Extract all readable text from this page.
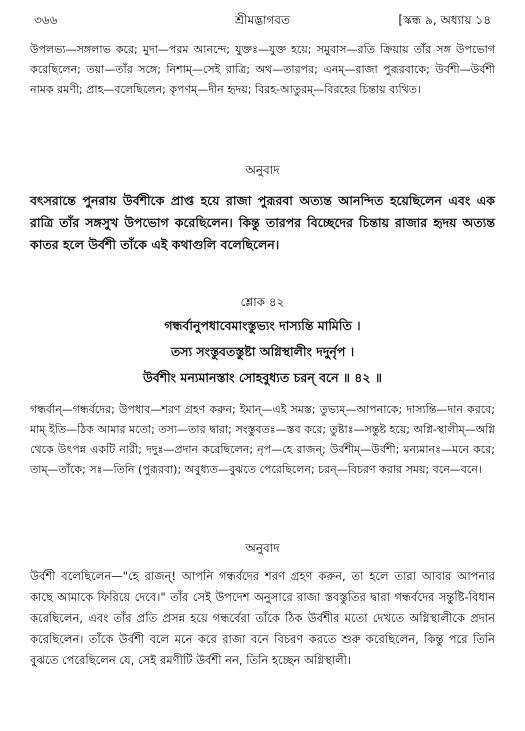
৩৬৬	শ্রীমদ্ভাগবত	[স্কন্ধ ৯, অধ্যায় ১৪

উপলভ্য—সঙ্গলাভ করে; মুদা—পরম আনন্দে; যুক্তঃ—যুক্ত হয়ে; সমুবাস—রতি ক্রিয়ায় তাঁর সঙ্গ উপভোগ করেছিলেন; তয়া—তাঁর সঙ্গে; নিশাম্—সেই রাত্রি; অথ—তারপর; এনম্—রাজা পুরূরবাকে; উর্বশী—উর্বশী নামক রমণী; প্রাহ—বলেছিলেন; কৃপণম্—দীন হৃদয়; বিরহ-আতুরম্—বিরহের চিন্তায় ব্যথিত।

অনুবাদ

বৎসরান্তে পুনরায় উর্বশীকে প্রাপ্ত হয়ে রাজা পুরূরবা অত্যন্ত আনন্দিত হয়েছিলেন এবং এক রাত্রি তাঁর সঙ্গসুখ উপভোগ করেছিলেন। কিন্তু তারপর বিচ্ছেদের চিন্তায় রাজার হৃদয় অত্যন্ত কাতর হলে উর্বশী তাঁকে এই কথাগুলি বলেছিলেন।

শ্লোক ৪২
গন্ধর্বানুপধাবেমাংস্তুভ্যং দাস্যন্তি মামিতি ।
তস্য সংস্তুবতস্তুষ্টা অগ্নিস্থালীং দদুর্নৃপ ।
উর্বশীং মন্যমানস্তাং সোহবুধ্যত চরন্ বনে ॥ ৪২ ॥

গন্ধর্বান্—গন্ধর্বদের; উপধাব—শরণ গ্রহণ করুন; ইমান্—এই সমস্ত; তুভ্যম্—আপনাকে; দাস্যন্তি—দান করবে; মাম্ ইতি—ঠিক আমার মতো; তস্য—তার দ্বারা; সংস্তুবতঃ—স্তব করে; তুষ্টাঃ—সন্তুষ্ট হয়ে; অগ্নি-স্থালীম্—অগ্নি থেকে উৎপন্ন একটি নারী; দদুঃ—প্রদান করেছিলেন; নৃপ—হে রাজন্; উর্বশীম্—উর্বশী; মন্যমানঃ—মনে করে; তাম্—তাঁকে; সঃ—তিনি (পুরূরবা); অবুধ্যত—বুঝতে পেরেছিলেন; চরন্—বিচরণ করার সময়; বনে—বনে।

অনুবাদ

উর্বশী বলেছিলেন—"হে রাজন্! আপনি গন্ধর্বদের শরণ গ্রহণ করুন, তা হলে তারা আবার আপনার কাছে আমাকে ফিরিয়ে দেবে।" তাঁর সেই উপদেশ অনুসারে রাজা স্তবস্তুতির দ্বারা গন্ধর্বদের সন্তুষ্টি-বিধান করেছিলেন, এবং তাঁর প্রতি প্রসন্ন হয়ে গন্ধর্বেরা তাঁকে ঠিক উর্বশীর মতো দেখতে অগ্নিস্থালীকে প্রদান করেছিলেন। তাঁকে উর্বশী বলে মনে করে রাজা বনে বিচরণ করতে শুরু করেছিলেন, কিন্তু পরে তিনি বুঝতে পেরেছিলেন যে, সেই রমণীটি উর্বশী নন, তিনি হচ্ছেন অগ্নিস্থালী।
